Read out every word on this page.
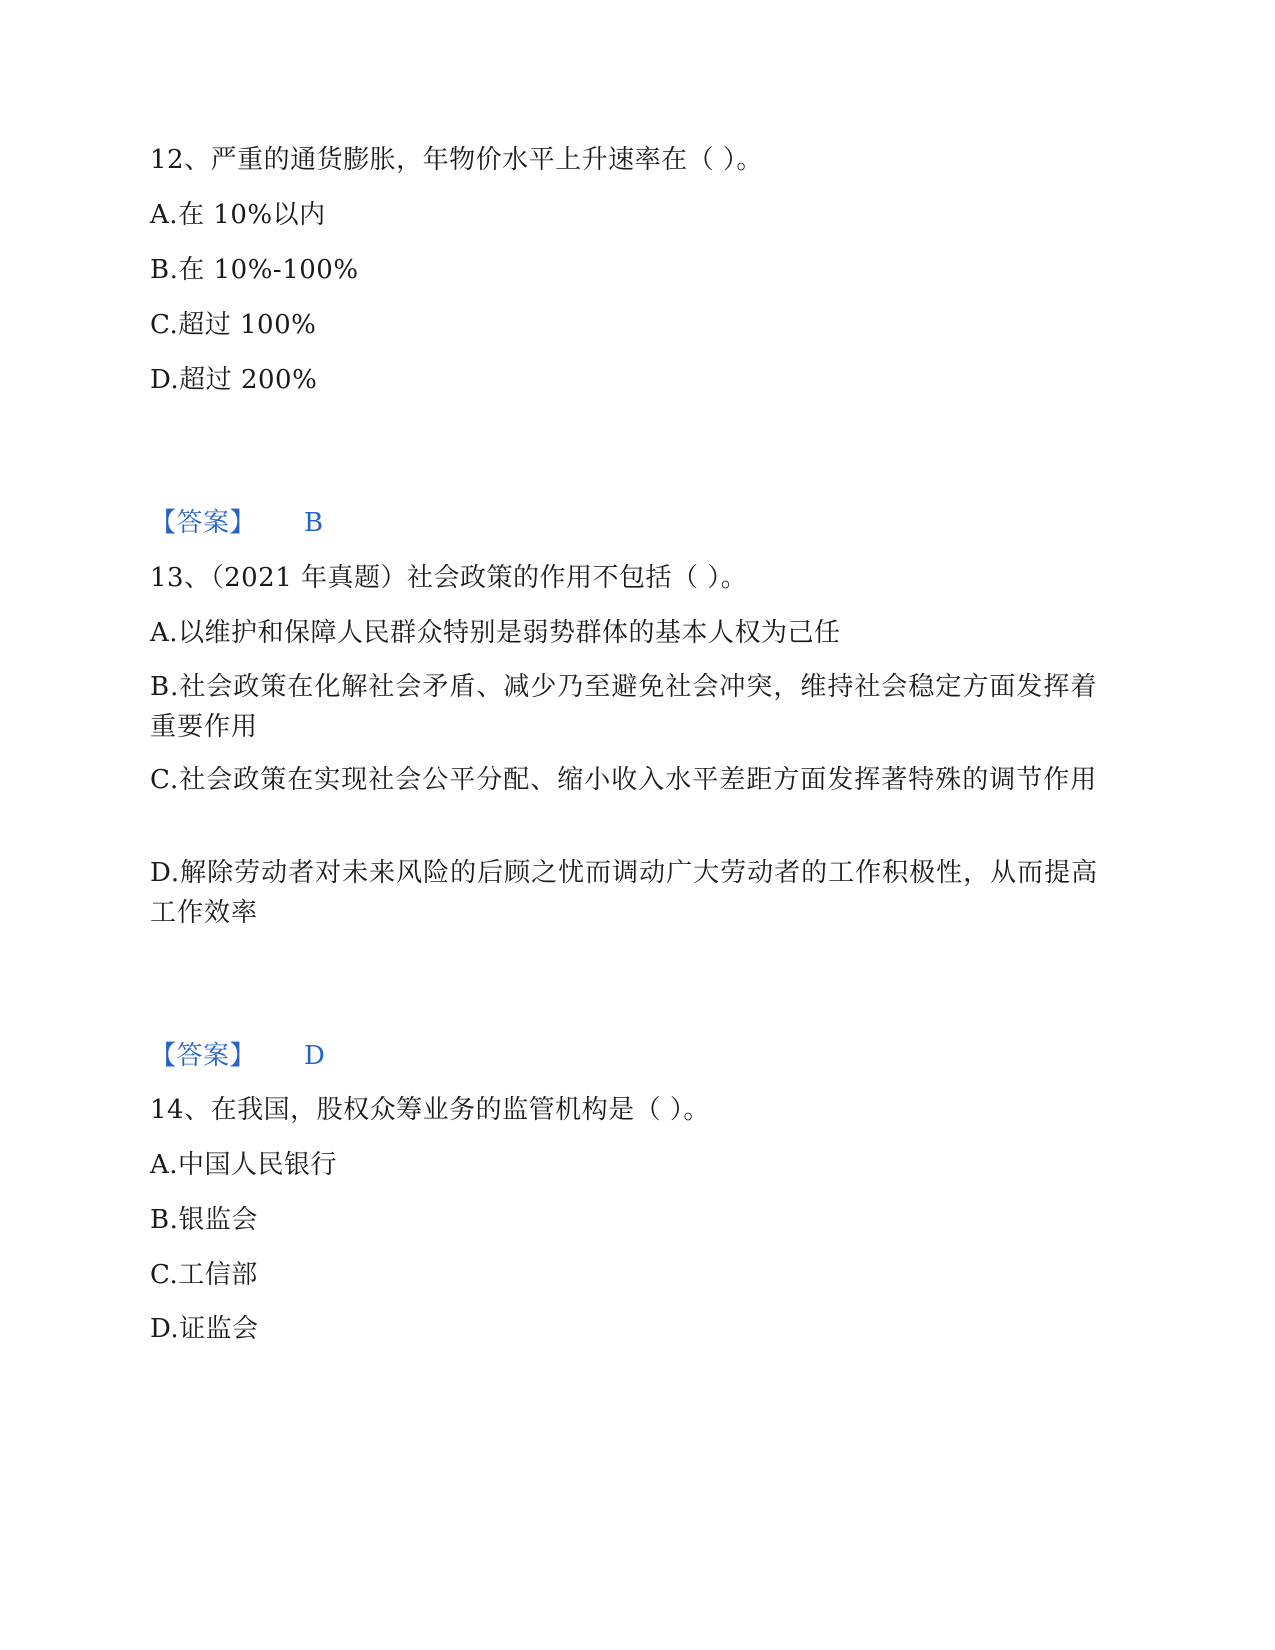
12、严重的通货膨胀，年物价水平上升速率在（ ）。
A.在 10%以内
B.在 10%-100%
C.超过 100%
D.超过 200%
【答案】 B
13、（2021 年真题）社会政策的作用不包括（ ）。
A.以维护和保障人民群众特别是弱势群体的基本人权为己任
B.社会政策在化解社会矛盾、减少乃至避免社会冲突，维持社会稳定方面发挥着重要作用
C.社会政策在实现社会公平分配、缩小收入水平差距方面发挥著特殊的调节作用
D.解除劳动者对未来风险的后顾之忧而调动广大劳动者的工作积极性，从而提高工作效率
【答案】 D
14、在我国，股权众筹业务的监管机构是（ ）。
A.中国人民银行
B.银监会
C.工信部
D.证监会
